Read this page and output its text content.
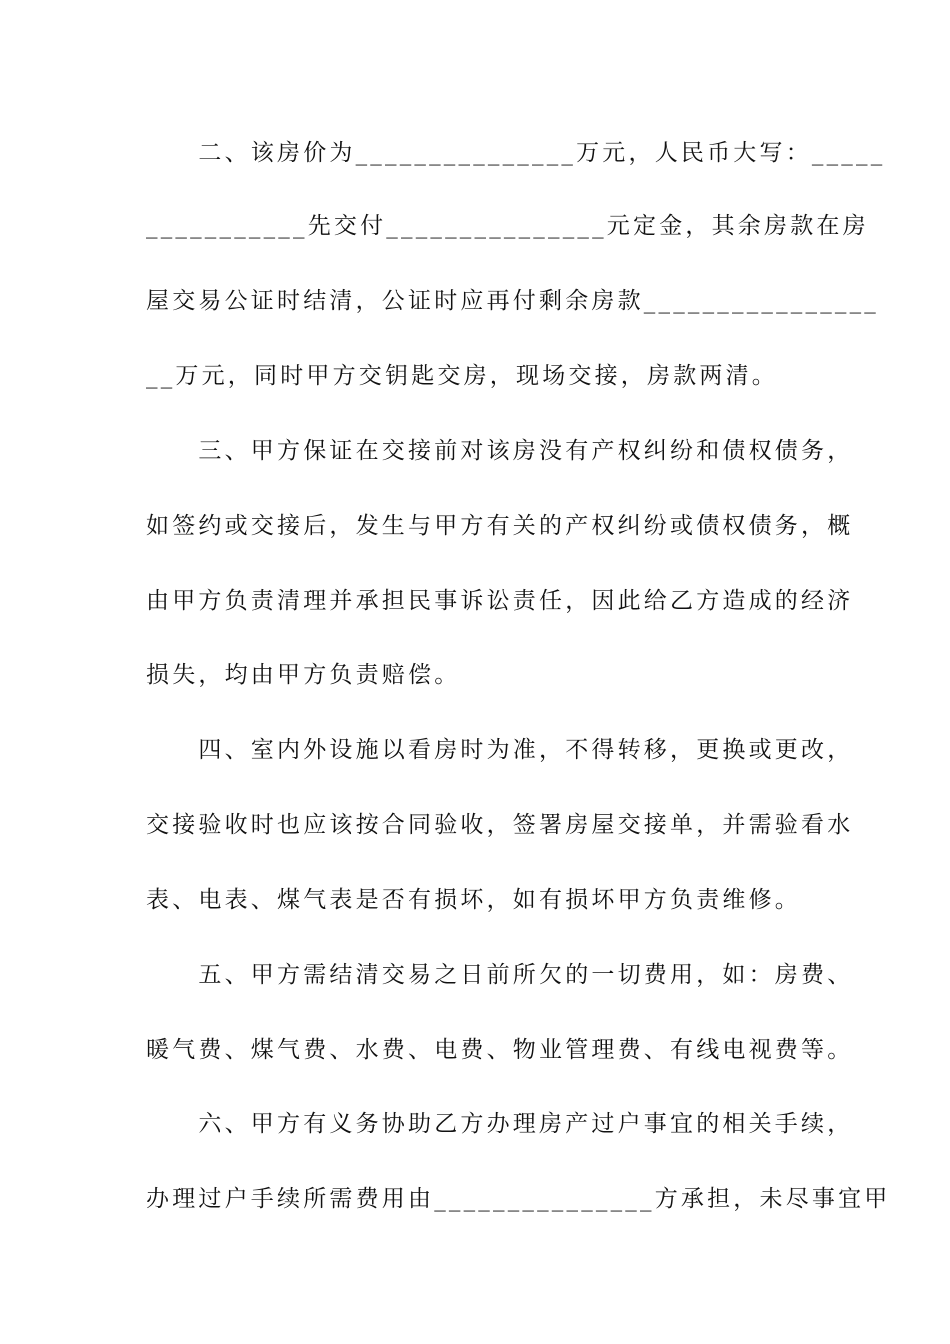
　　二、该房价为_______________万元，人民币大写：_____
___________先交付_______________元定金，其余房款在房
屋交易公证时结清，公证时应再付剩余房款________________
__万元，同时甲方交钥匙交房，现场交接，房款两清。
　　三、甲方保证在交接前对该房没有产权纠纷和债权债务，
如签约或交接后，发生与甲方有关的产权纠纷或债权债务，概
由甲方负责清理并承担民事诉讼责任，因此给乙方造成的经济
损失，均由甲方负责赔偿。
　　四、室内外设施以看房时为准，不得转移，更换或更改，
交接验收时也应该按合同验收，签署房屋交接单，并需验看水
表、电表、煤气表是否有损坏，如有损坏甲方负责维修。
　　五、甲方需结清交易之日前所欠的一切费用，如：房费、
暖气费、煤气费、水费、电费、物业管理费、有线电视费等。
　　六、甲方有义务协助乙方办理房产过户事宜的相关手续，
办理过户手续所需费用由_______________方承担，未尽事宜甲
